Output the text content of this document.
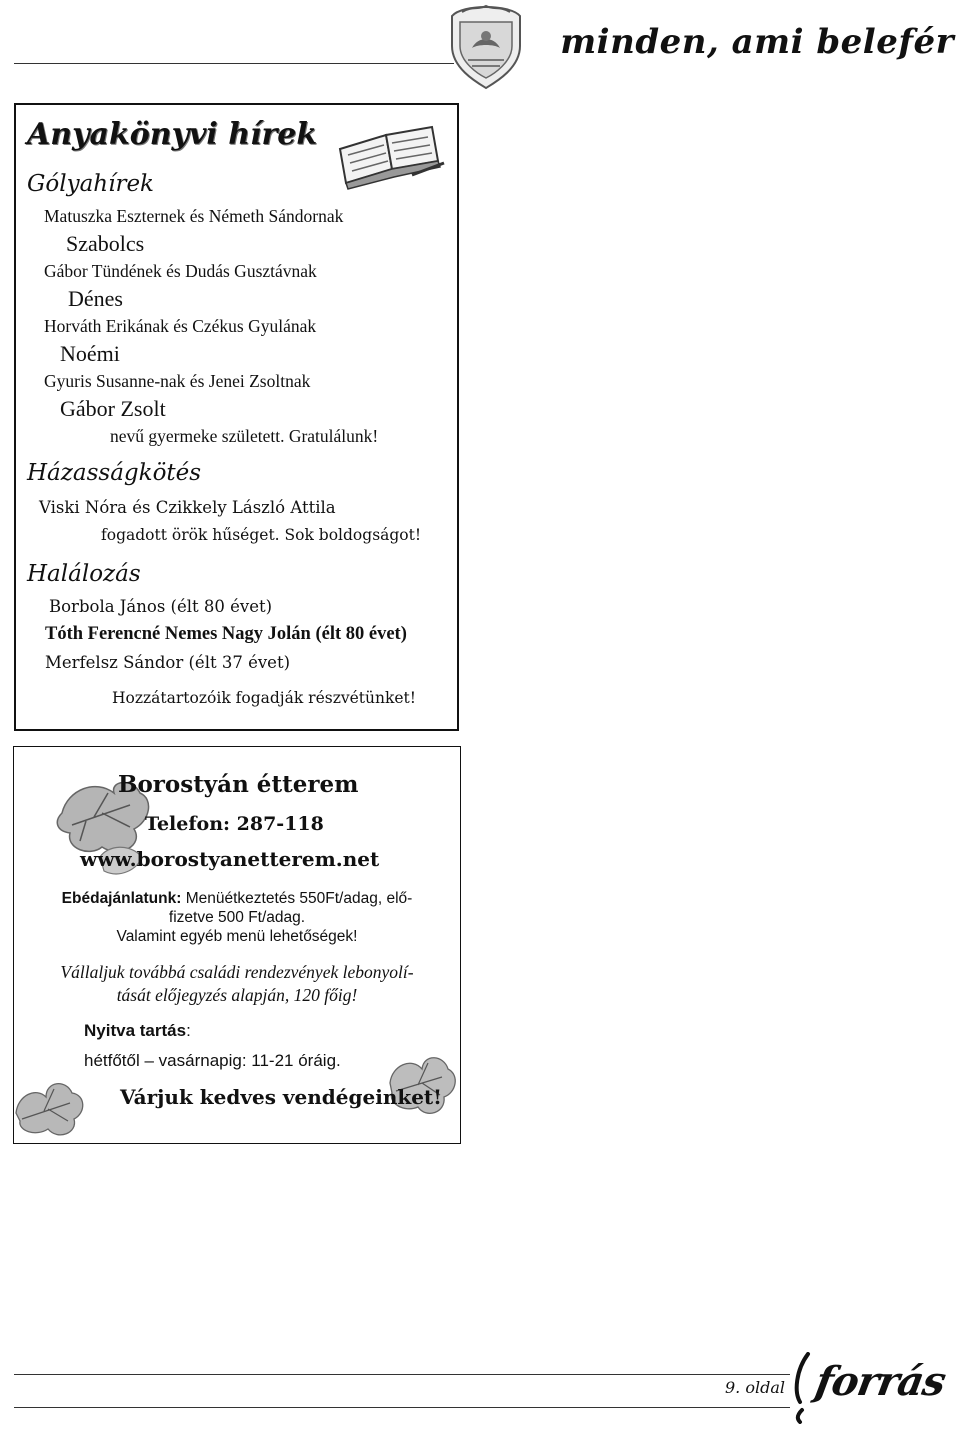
minden, ami belefér
Anyakönyvi hírek
Gólyahírek
Matuszka Eszternek és Németh Sándornak
Szabolcs
Gábor Tündének és Dudás Gusztávnak
Dénes
Horváth Erikának és Czékus Gyulának
Noémi
Gyuris Susanne-nak és Jenei Zsoltnak
Gábor Zsolt
nevű gyermeke született. Gratulálunk!
Házasságkötés
Viski Nóra és Czikkely László Attila
fogadott örök hűséget. Sok boldogságot!
Halálozás
Borbola János (élt 80 évet)
Tóth Ferencné Nemes Nagy Jolán (élt 80 évet)
Merfelsz Sándor (élt 37 évet)
Hozzátartozóik fogadják részvétünket!
Borostyán étterem
Telefon: 287-118
www.borostyanetterem.net
Ebédajánlatunk: Menüétkeztetés 550Ft/adag, elő-
fizetve 500 Ft/adag.
Valamint egyéb menü lehetőségek!
Vállaljuk továbbá családi rendezvények lebonyolí-
tását előjegyzés alapján, 120 főig!
Nyitva tartás:
hétfőtől – vasárnapig: 11-21 óráig.
Várjuk kedves vendégeinket!
9. oldal forrás
